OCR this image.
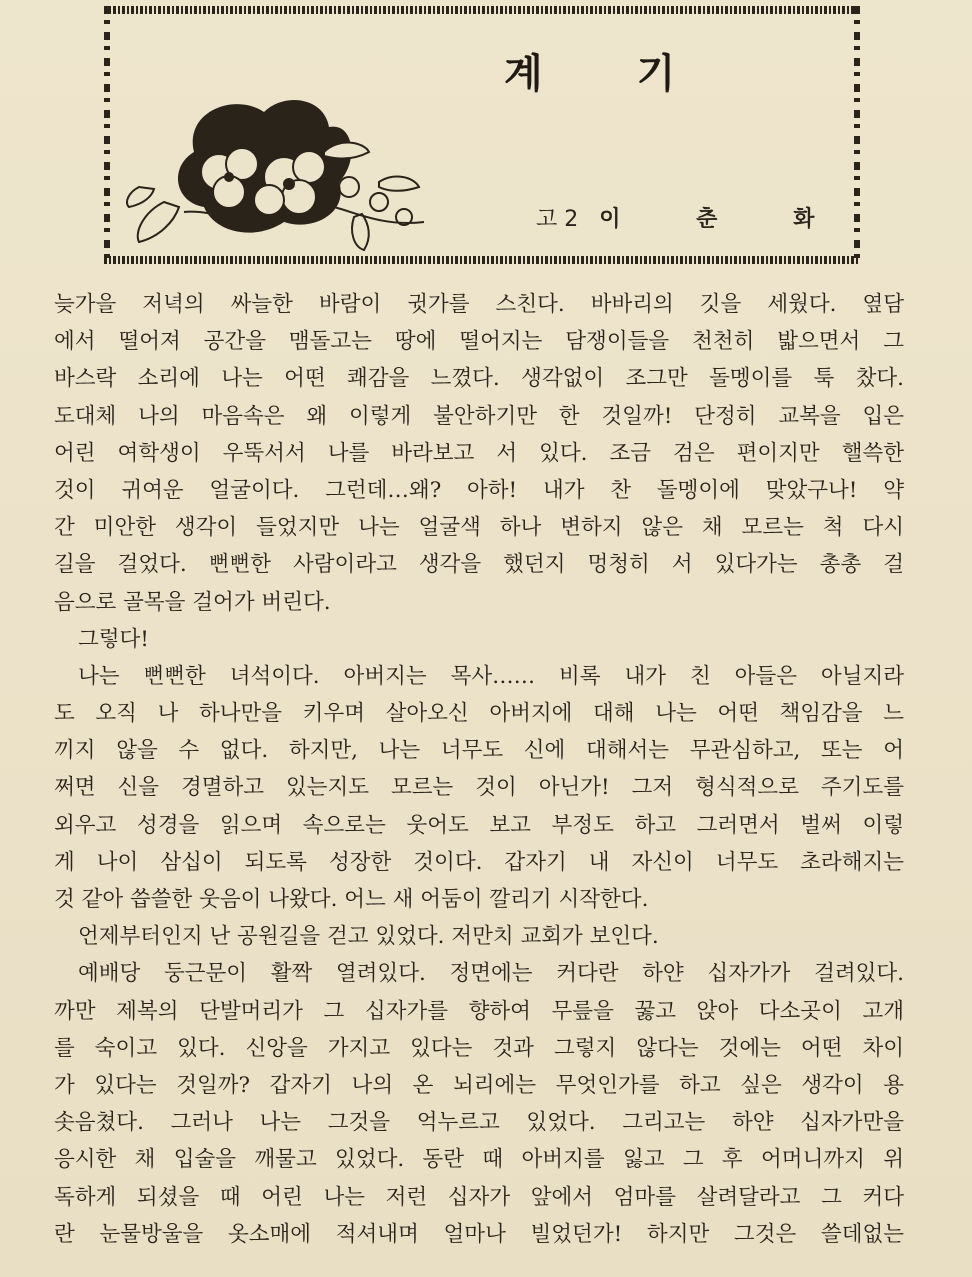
계 기
고 2 이 춘 화
늦가을 저녁의 싸늘한 바람이 귓가를 스친다. 바바리의 깃을 세웠다. 옆담
에서 떨어져 공간을 맴돌고는 땅에 떨어지는 담쟁이들을 천천히 밟으면서 그
바스락 소리에 나는 어떤 쾌감을 느꼈다. 생각없이 조그만 돌멩이를 툭 찼다.
도대체 나의 마음속은 왜 이렇게 불안하기만 한 것일까! 단정히 교복을 입은
어린 여학생이 우뚝서서 나를 바라보고 서 있다. 조금 검은 편이지만 핼쓱한
것이 귀여운 얼굴이다. 그런데…왜? 아하! 내가 찬 돌멩이에 맞았구나! 약
간 미안한 생각이 들었지만 나는 얼굴색 하나 변하지 않은 채 모르는 척 다시
길을 걸었다. 뻔뻔한 사람이라고 생각을 했던지 멍청히 서 있다가는 총총 걸
음으로 골목을 걸어가 버린다.
그렇다!
나는 뻔뻔한 녀석이다. 아버지는 목사…… 비록 내가 친 아들은 아닐지라
도 오직 나 하나만을 키우며 살아오신 아버지에 대해 나는 어떤 책임감을 느
끼지 않을 수 없다. 하지만, 나는 너무도 신에 대해서는 무관심하고, 또는 어
쩌면 신을 경멸하고 있는지도 모르는 것이 아닌가! 그저 형식적으로 주기도를
외우고 성경을 읽으며 속으로는 웃어도 보고 부정도 하고 그러면서 벌써 이렇
게 나이 삼십이 되도록 성장한 것이다. 갑자기 내 자신이 너무도 초라해지는
것 같아 씁쓸한 웃음이 나왔다. 어느 새 어둠이 깔리기 시작한다.
언제부터인지 난 공원길을 걷고 있었다. 저만치 교회가 보인다.
예배당 둥근문이 활짝 열려있다. 정면에는 커다란 하얀 십자가가 걸려있다.
까만 제복의 단발머리가 그 십자가를 향하여 무릎을 꿇고 앉아 다소곳이 고개
를 숙이고 있다. 신앙을 가지고 있다는 것과 그렇지 않다는 것에는 어떤 차이
가 있다는 것일까? 갑자기 나의 온 뇌리에는 무엇인가를 하고 싶은 생각이 용
솟음쳤다. 그러나 나는 그것을 억누르고 있었다. 그리고는 하얀 십자가만을
응시한 채 입술을 깨물고 있었다. 동란 때 아버지를 잃고 그 후 어머니까지 위
독하게 되셨을 때 어린 나는 저런 십자가 앞에서 엄마를 살려달라고 그 커다
란 눈물방울을 옷소매에 적셔내며 얼마나 빌었던가! 하지만 그것은 쓸데없는
